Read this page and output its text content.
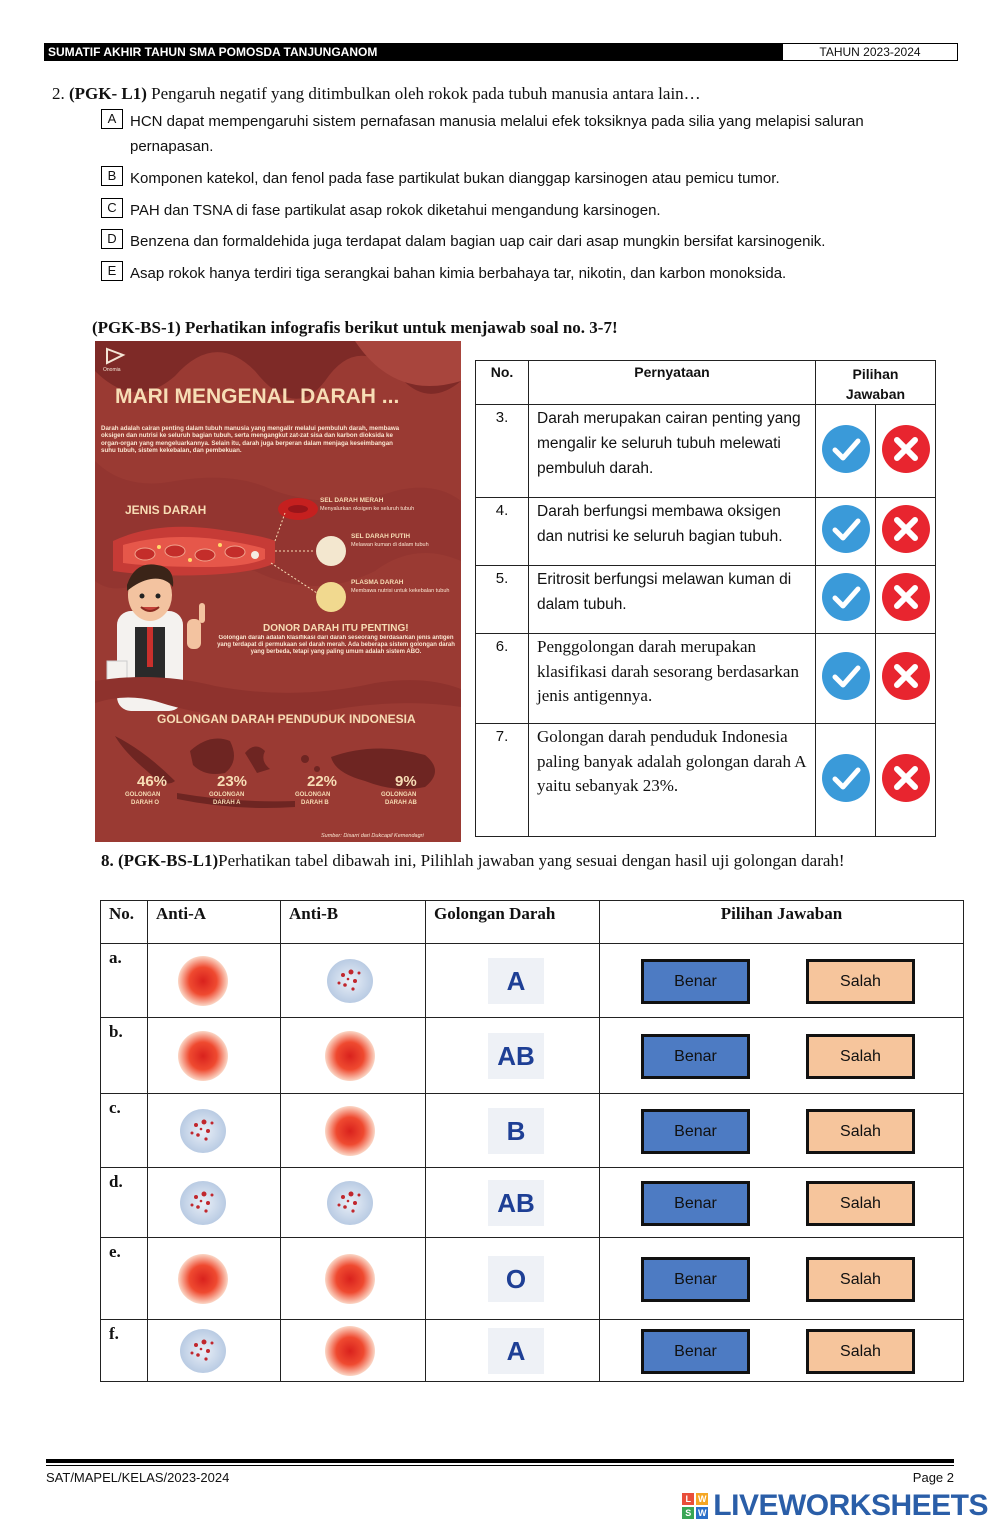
SUMATIF AKHIR TAHUN SMA POMOSDA TANJUNGANOM	TAHUN 2023-2024
2. (PGK- L1) Pengaruh negatif yang ditimbulkan oleh rokok pada tubuh manusia antara lain…
A HCN dapat mempengaruhi sistem pernafasan manusia melalui efek toksiknya pada silia yang melapisi saluran pernapasan.
B Komponen katekol, dan fenol pada fase partikulat bukan dianggap karsinogen atau pemicu tumor.
C PAH dan TSNA di fase partikulat asap rokok diketahui mengandung karsinogen.
D Benzena dan formaldehida juga terdapat dalam bagian uap cair dari asap mungkin bersifat karsinogenik.
E Asap rokok hanya terdiri tiga serangkai bahan kimia berbahaya tar, nikotin, dan karbon monoksida.
(PGK-BS-1) Perhatikan infografis berikut untuk menjawab soal no. 3-7!
Onomia
MARI MENGENAL DARAH ...
Darah adalah cairan penting dalam tubuh manusia yang mengalir melalui pembuluh darah, membawa oksigen dan nutrisi ke seluruh bagian tubuh, serta mengangkut zat-zat sisa dan karbon dioksida ke organ-organ yang mengeluarkannya. Selain itu, darah juga berperan dalam menjaga keseimbangan suhu tubuh, sistem kekebalan, dan pembekuan.
JENIS DARAH
SEL DARAH MERAH
Menyalurkan oksigen ke seluruh tubuh
SEL DARAH PUTIH
Melawan kuman di dalam tubuh
PLASMA DARAH
Membawa nutrisi untuk kekebalan tubuh
DONOR DARAH ITU PENTING!
Golongan darah adalah klasifikasi dari darah seseorang berdasarkan jenis antigen yang terdapat di permukaan sel darah merah. Ada beberapa sistem golongan darah yang berbeda, tetapi yang paling umum adalah sistem ABO.
GOLONGAN DARAH PENDUDUK INDONESIA
46%
GOLONGAN
DARAH O
23%
GOLONGAN
DARAH A
22%
GOLONGAN
DARAH B
9%
GOLONGAN
DARAH AB
Sumber: Disarri dari Dukcapil Kemendagri
No.	Pernyataan	Pilihan
Jawaban	
3.	Darah merupakan cairan penting yang mengalir ke seluruh tubuh melewati pembuluh darah.	

4.	Darah berfungsi membawa oksigen dan nutrisi ke seluruh bagian tubuh.	

5.	Eritrosit berfungsi melawan kuman di dalam tubuh.	

6.	Penggolongan darah merupakan klasifikasi darah sesorang berdasarkan jenis antigennya.	

7.	Golongan darah penduduk Indonesia paling banyak adalah golongan darah A yaitu sebanyak 23%.	

8. (PGK-BS-L1)Perhatikan tabel dibawah ini, Pilihlah jawaban yang sesuai dengan hasil uji golongan darah!
No.	Anti-A	Anti-B	Golongan Darah	Pilihan Jawaban
a.			A	Benar Salah

b.			AB	Benar Salah

c.			B	Benar Salah

d.			AB	Benar Salah

e.			O	Benar Salah

f.			A	Benar Salah
SAT/MAPEL/KELAS/2023-2024	Page 2
L W
S W LIVEWORKSHEETS
